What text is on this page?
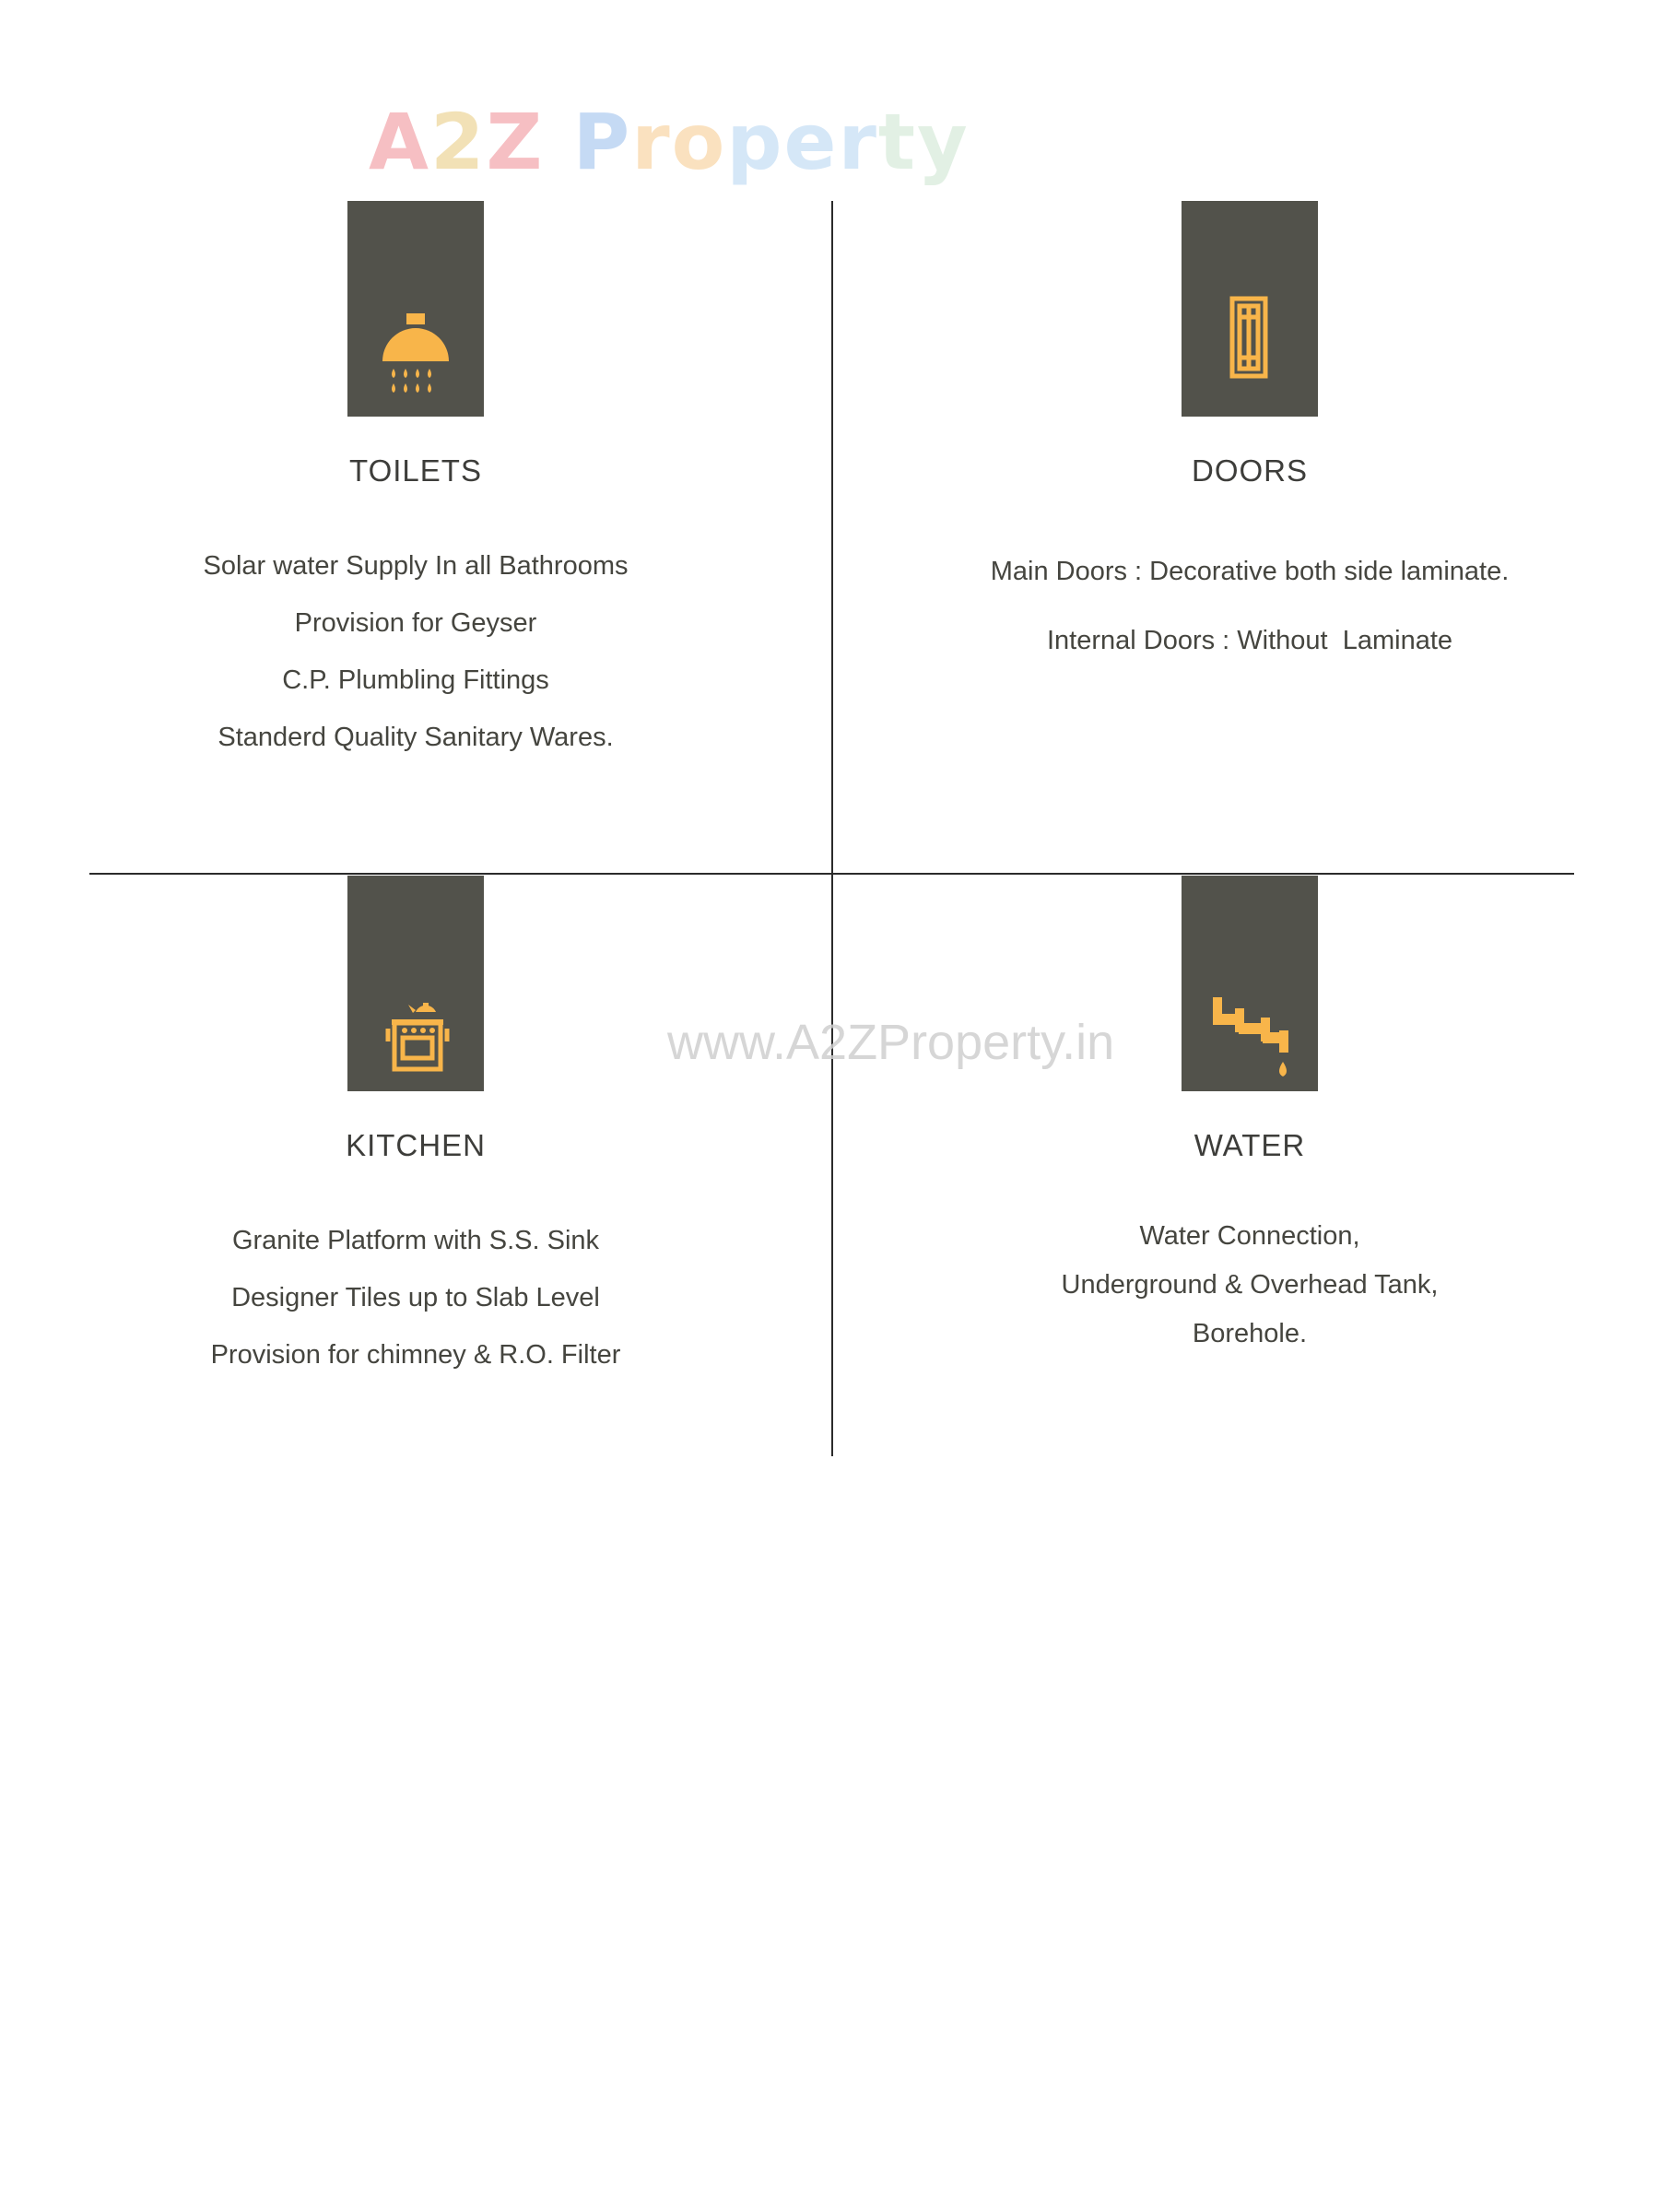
A2Z Property
TOILETS
Solar water Supply In all Bathrooms
Provision for Geyser
C.P. Plumbling Fittings
Standerd Quality Sanitary Wares.
DOORS
Main Doors : Decorative both side laminate.
Internal Doors : Without  Laminate
KITCHEN
Granite Platform with S.S. Sink
Designer Tiles up to Slab Level
Provision for chimney & R.O. Filter
WATER
Water Connection,
Underground & Overhead Tank,
Borehole.
www.A2ZProperty.in
